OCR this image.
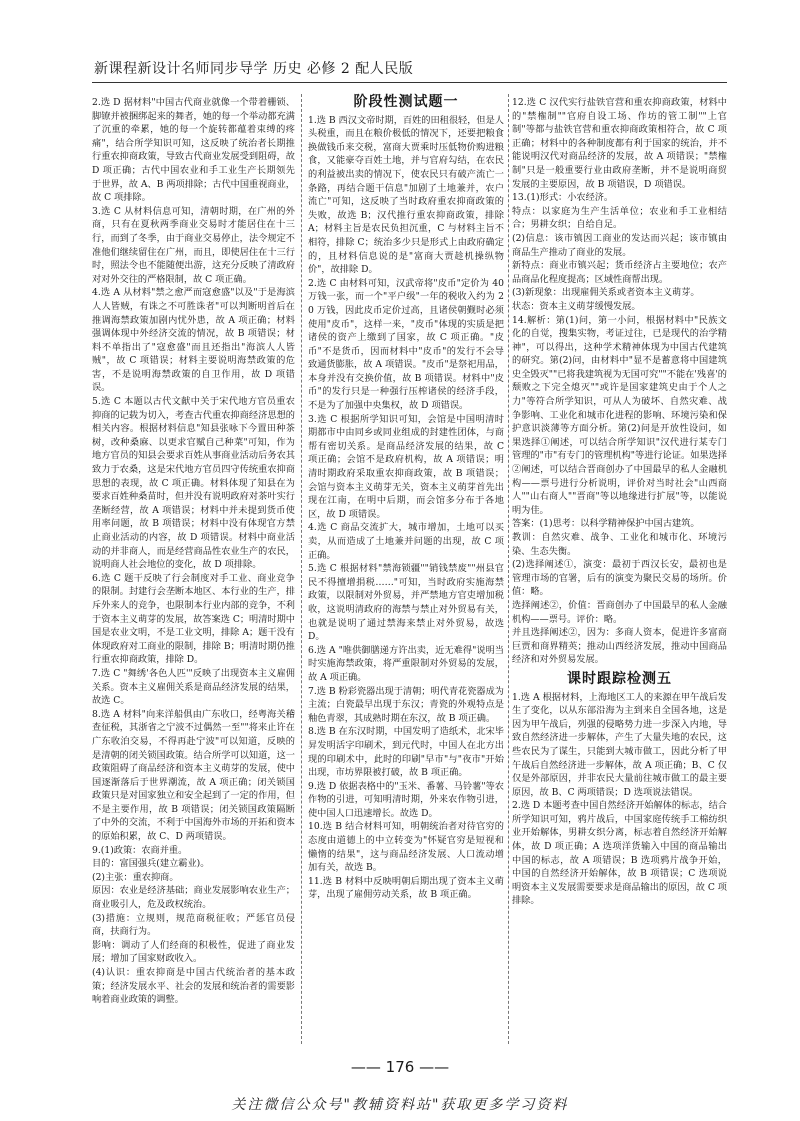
新课程新设计名师同步导学 历史 必修 2 配人民版

2.选 D 据材料"中国古代商业就像一个带着栅锁、脚镣并被捆绑起来的舞者，她的每一个举动都充满了沉重的牵累，她的每一个旋转都蕴着束缚的疼痛"，结合所学知识可知，这反映了统治者长期推行重农抑商政策，导致古代商业发展受到阻碍，故 D 项正确；古代中国农业和手工业生产长期领先于世界，故 A、B 两项排除；古代中国重视商业，故 C 项排除。

3.选 C 从材料信息可知，清朝时期，在广州的外商，只有在夏秋两季商业交易时才能居住在十三行，而到了冬季，由于商业交易停止，法令规定不准他们继续留住在广州，而且，即使居住在十三行时，照法令也不能随便出游，这充分反映了清政府对对外交往的严格限制，故 C 项正确。

4.选 A 从材料"禁之愈严而寇愈盛"以及"于是海滨人人皆贼，有诛之不可胜诛者"可以判断明首后在推调海禁政策加剧内忧外患，故 A 项正确；材料强调体现中外经济交流的情况，故 B 项错误；材料不单指出了"寇愈盛"而且还指出"海滨人人皆贼"，故 C 项错误；材料主要说明海禁政策的危害，不是说明海禁政策的自卫作用，故 D 项错误。

5.选 C 本题以古代文献中关于宋代地方官员重农抑商的记载为切入，考查古代重农抑商经济思想的相关内容。根据材料信息"知县张咏下今置田种茶树，改种桑麻、以更求官赋自己种菜"可知，作为地方官员的知县会要求百姓从事商业活动后务农其致力于农桑，这是宋代地方官员四守传统重农抑商思想的表现，故 C 项正确。材料体现了知县在为要求百姓种桑苗时，但并没有说明政府对茶叶实行垄断经营，故 A 项错误；材料中并未提到货币使用率问题，故 B 项错误；材料中没有体现官方禁止商业活动的内容，故 D 项错误。材料中商业活动的并非商人，而是经营商品性农业生产的农民，说明商人社会地位的变化，故 D 项排除。

6.选 C 题干反映了行会制度对手工业、商业竞争的限制。封建行会垄断本地区、本行业的生产，排斥外来人的竞争，也限制本行业内部的竞争，不利于资本主义萌芽的发展，故答案选 C；明清时期中国是农业文明，不是工业文明，排除 A；题干没有体现政府对工商业的限制，排除 B；明清时期仍推行重农抑商政策，排除 D。

7.选 C "舞绣'各色人匹'"反映了出现资本主义雇佣关系。资本主义雇佣关系是商品经济发展的结果，故选 C。

8.选 A 材料"向来洋船俱由广东收口，经粤海关稽查征税，其浙省之宁波不过偶然一至""将来止许在广东收泊交易，不得再赴宁波"可以知道，反映的是清朝的闭关锁国政策。结合所学可以知道，这一政策阻碍了商品经济和资本主义萌芽的发展，使中国逐渐落后于世界潮流，故 A 项正确；闭关锁国政策只是对国家独立和安全起到了一定的作用，但不是主要作用，故 B 项错误；闭关锁国政策隔断了中外的交流，不利于中国海外市场的开拓和资本的原始积累，故 C、D 两项错误。

9.(1)政策：农商并重。

目的：富国强兵(建立霸业)。

(2)主张：重农抑商。

原因：农业是经济基础；商业发展影响农业生产；商业吸引人，危及政权统治。

(3)措施：立规则，规范商税征收；严惩官员侵商，扶商行为。

影响：调动了人们经商的积极性，促进了商业发展；增加了国家财政收入。

(4)认识：重农抑商是中国古代统治者的基本政策；经济发展水平、社会的发展和统治者的需要影响着商业政策的调整。

阶段性测试题一

1.选 B 西汉文帝时期，百姓的田租很轻，但是人头税重，而且在粮价极低的情况下，还要把粮食换做钱币来交税，富商大贾乘时压低物价购进粮食，又能豪夺百姓土地，并与官府勾结，在农民的利益被出卖的情况下，使农民只有破产流亡一条路，再结合题干信息"加剧了土地兼并，农户流亡"可知，这反映了当时政府重农抑商政策的失败，故选 B；汉代推行重农抑商政策，排除 A；材料主旨是农民负担沉重，C 与材料主旨不相符，排除 C；统治多少只是形式上由政府确定的，且材料信息说的是"富商大贾趁机操纵物价"，故排除 D。

2.选 C 由材料可知，汉武帝将"皮币"定价为 40 万钱一张，而一个"平户级"一年的税收入约为 20 万钱，因此皮币定价过高，且诸侯朝觐时必须使用"皮币"，这样一来，"皮币"体现的实质是把诸侯的资产上缴到了国家，故 C 项正确。"皮币"不是货币，因而材料中"皮币"的发行不会导致通货膨胀，故 A 项错误。"皮币"是祭祀用品，本身并没有交换价值，故 B 项错误。材料中"皮币"的发行只是一种强行压榨诸侯的经济手段，不是为了加强中央集权，故 D 项错误。

3.选 C 根据所学知识可知，会馆是中国明清时期都市中由同乡或同业组成的封建性团体，与商帮有密切关系。是商品经济发展的结果，故 C 项正确；会馆不是政府机构，故 A 项错误；明清时期政府采取重农抑商政策，故 B 项错误；会馆与资本主义萌芽无关，资本主义萌芽首先出现在江南，在明中后期，而会馆多分布于各地区，故 D 项错误。

4.选 C 商品交流扩大，城市增加，土地可以买卖，从而造成了土地兼并问题的出现，故 C 项正确。

5.选 C 根据材料"禁海锁疆""销钱禁废""州县官民不得擅增捐税……"可知，当时政府实施海禁政策，以限制对外贸易，并严禁地方官吏增加税收，这说明清政府的海禁与禁止对外贸易有关，也就是说明了通过禁海来禁止对外贸易，故选 D。

6.选 A "唯供御膳递方许出卖，近无难得"说明当时实施海禁政策，将严重限制对外贸易的发展，故 A 项正确。

7.选 B 粉彩瓷器出现于清朝；明代青花瓷器成为主流；白瓷最早出现于东汉；青瓷的外观特点是釉色青翠，其成熟时期在东汉，故 B 项正确。

8.选 B 在东汉时期，中国发明了造纸术，北宋毕昇发明活字印刷术，到元代时，中国人在北方出现的印刷术中，此时的印刷"早市"与"夜市"开始出现，市坊界限被打破，故 B 项正确。

9.选 D 依据表格中的"玉米、番薯、马铃薯"等农作物的引进，可知明清时期，外来农作物引进，使中国人口迅速增长。故选 D。

10.选 B 结合材料可知，明朝统治者对待官穷的态度由道德上的中立转变为"怀疑官穷是短视和懒惰的结果"，这与商品经济发展、人口流动增加有关，故选 B。

11.选 B 材料中反映明朝后期出现了资本主义萌芽，出现了雇佣劳动关系，故 B 项正确。

12.选 C 汉代实行盐铁官营和重农抑商政策，材料中的"禁権制""官府自设工场、作坊的管工制""上官制"等都与盐铁官营和重农抑商政策相符合，故 C 项正确；材料中的各种制度都有利于国家的统治，并不能说明汉代对商品经济的发展，故 A 项错误；"禁権制"只是一般重要行业由政府垄断，并不是说明商贸发展的主要原因，故 B 项错误，D 项错误。

13.(1)形式：小农经济。

特点：以家庭为生产生活单位；农业和手工业相结合；男耕女织；自给自足。

(2)信息：该市镇因工商业的发达而兴起；该市镇由商品生产推动了商业的发展。

新特点：商业市镇兴起；货币经济占主要地位；农产品商品化程度提高；区域性商帮出现。

(3)新现象：出现雇佣关系或者资本主义萌芽。

状态：资本主义萌芽缓慢发展。

14.解析：第(1)问，第一小问，根据材料中"民族文化的自觉，搜集实物，考证过往，已是现代的治学精神"，可以得出，这种学术精神体现为中国古代建筑的研究。第(2)问，由材料中"显不是蓄意将中国建筑史全毁灭""已将我建筑视为无国可究""不能在'残喜'的颓败之下完全熄灭""或许是国家建筑史由于个人之力"等符合所学知识，可从人为破坏、自然灾难、战争影响、工业化和城市化进程的影响、环境污染和保护意识淡薄等方面分析。第(2)问是开放性设问，如果选择①阐述，可以结合所学知识"汉代进行某专门管理的"市"有专门的管理机构"等进行论证。如果选择②阐述，可以结合晋商创办了中国最早的私人金融机构——票号进行分析说明，评价对当时社会"山西商人""山右商人""晋商"等以地缘进行扩展"等，以能说明为佳。

答案：(1)思考：以科学精神保护中国古建筑。

教训：自然灾难、战争、工业化和城市化、环境污染、生态失衡。

(2)选择阐述①，演变：最初于西汉长安，最初也是管理市场的官署，后有的演变为聚民交易的场所。价值：略。

选择阐述②，价值：晋商创办了中国最早的私人金融机构——票号。评价：略。

并且选择阐述②，因为：多商人资本，促进许多富商巨贾和商界精英；推动山西经济发展，推动中国商品经济和对外贸易发展。

课时跟踪检测五

1.选 A 根据材料，上海地区工人的来源在甲午战后发生了变化，以从东部沿海为主到来自全国各地，这是因为甲午战后，列强的侵略势力进一步深入内地，导致自然经济进一步解体，产生了大量失地的农民，这些农民为了谋生，只能到大城市做工，因此分析了甲午战后自然经济进一步解体，故 A 项正确；B、C 仅仅是外部原因，并非农民大量前往城市做工的最主要原因，故 B、C 两项错误；D 选项说法错误。

2.选 D 本题考查中国自然经济开始解体的标志，结合所学知识可知，鸦片战后，中国家庭传统手工棉纺织业开始解体，男耕女织分离，标志着自然经济开始解体，故 D 项正确；A 选项洋货输入中国的商品输出中国的标志，故 A 项错误；B 选项鸦片战争开始，中国的自然经济开始解体，故 B 项错误；C 选项说明资本主义发展需要要求是商品输出的原因，故 C 项排除。

—— 176 ——
关注微信公众号"教辅资料站"获取更多学习资料
